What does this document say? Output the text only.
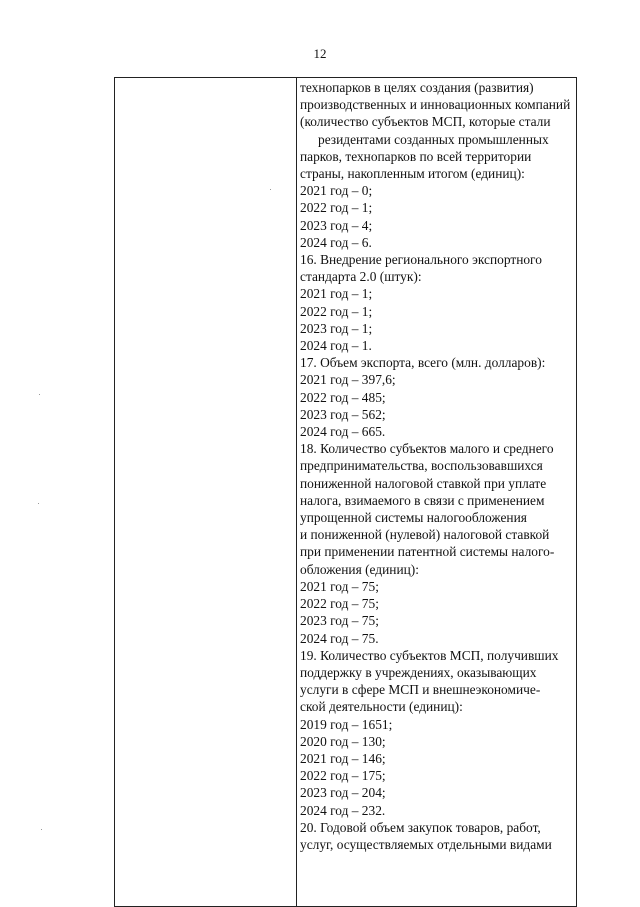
12

технопарков в целях создания (развития)
производственных и инновационных компаний
(количество субъектов МСП, которые стали
резидентами созданных промышленных
парков, технопарков по всей территории
страны, накопленным итогом (единиц):
2021 год – 0;
2022 год – 1;
2023 год – 4;
2024 год – 6.
16. Внедрение регионального экспортного
стандарта 2.0 (штук):
2021 год – 1;
2022 год – 1;
2023 год – 1;
2024 год – 1.
17. Объем экспорта, всего (млн. долларов):
2021 год – 397,6;
2022 год – 485;
2023 год – 562;
2024 год – 665.
18. Количество субъектов малого и среднего
предпринимательства, воспользовавшихся
пониженной налоговой ставкой при уплате
налога, взимаемого в связи с применением
упрощенной системы налогообложения
и пониженной (нулевой) налоговой ставкой
при применении патентной системы налого-
обложения (единиц):
2021 год – 75;
2022 год – 75;
2023 год – 75;
2024 год – 75.
19. Количество субъектов МСП, получивших
поддержку в учреждениях, оказывающих
услуги в сфере МСП и внешнеэкономиче-
ской деятельности (единиц):
2019 год – 1651;
2020 год – 130;
2021 год – 146;
2022 год – 175;
2023 год – 204;
2024 год – 232.
20. Годовой объем закупок товаров, работ,
услуг, осуществляемых отдельными видами
